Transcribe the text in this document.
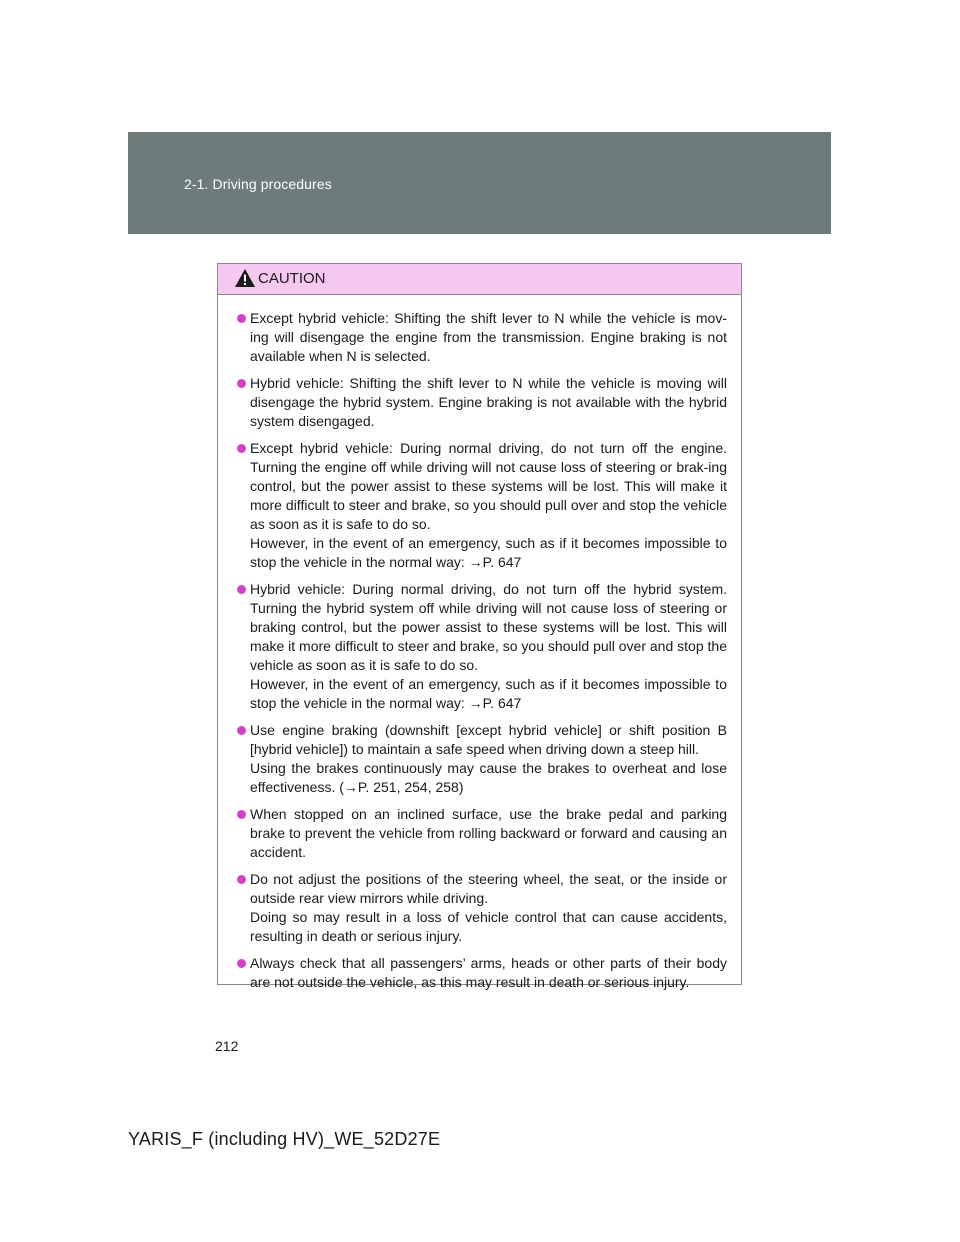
2-1. Driving procedures
CAUTION
Except hybrid vehicle: Shifting the shift lever to N while the vehicle is mov-ing will disengage the engine from the transmission. Engine braking is not available when N is selected.
Hybrid vehicle: Shifting the shift lever to N while the vehicle is moving will disengage the hybrid system. Engine braking is not available with the hybrid system disengaged.
Except hybrid vehicle: During normal driving, do not turn off the engine. Turning the engine off while driving will not cause loss of steering or brak-ing control, but the power assist to these systems will be lost. This will make it more difficult to steer and brake, so you should pull over and stop the vehicle as soon as it is safe to do so.
However, in the event of an emergency, such as if it becomes impossible to stop the vehicle in the normal way: →P. 647
Hybrid vehicle: During normal driving, do not turn off the hybrid system. Turning the hybrid system off while driving will not cause loss of steering or braking control, but the power assist to these systems will be lost. This will make it more difficult to steer and brake, so you should pull over and stop the vehicle as soon as it is safe to do so.
However, in the event of an emergency, such as if it becomes impossible to stop the vehicle in the normal way: →P. 647
Use engine braking (downshift [except hybrid vehicle] or shift position B [hybrid vehicle]) to maintain a safe speed when driving down a steep hill.
Using the brakes continuously may cause the brakes to overheat and lose effectiveness. (→P. 251, 254, 258)
When stopped on an inclined surface, use the brake pedal and parking brake to prevent the vehicle from rolling backward or forward and causing an accident.
Do not adjust the positions of the steering wheel, the seat, or the inside or outside rear view mirrors while driving.
Doing so may result in a loss of vehicle control that can cause accidents, resulting in death or serious injury.
Always check that all passengers’ arms, heads or other parts of their body are not outside the vehicle, as this may result in death or serious injury.
212
YARIS_F (including HV)_WE_52D27E
